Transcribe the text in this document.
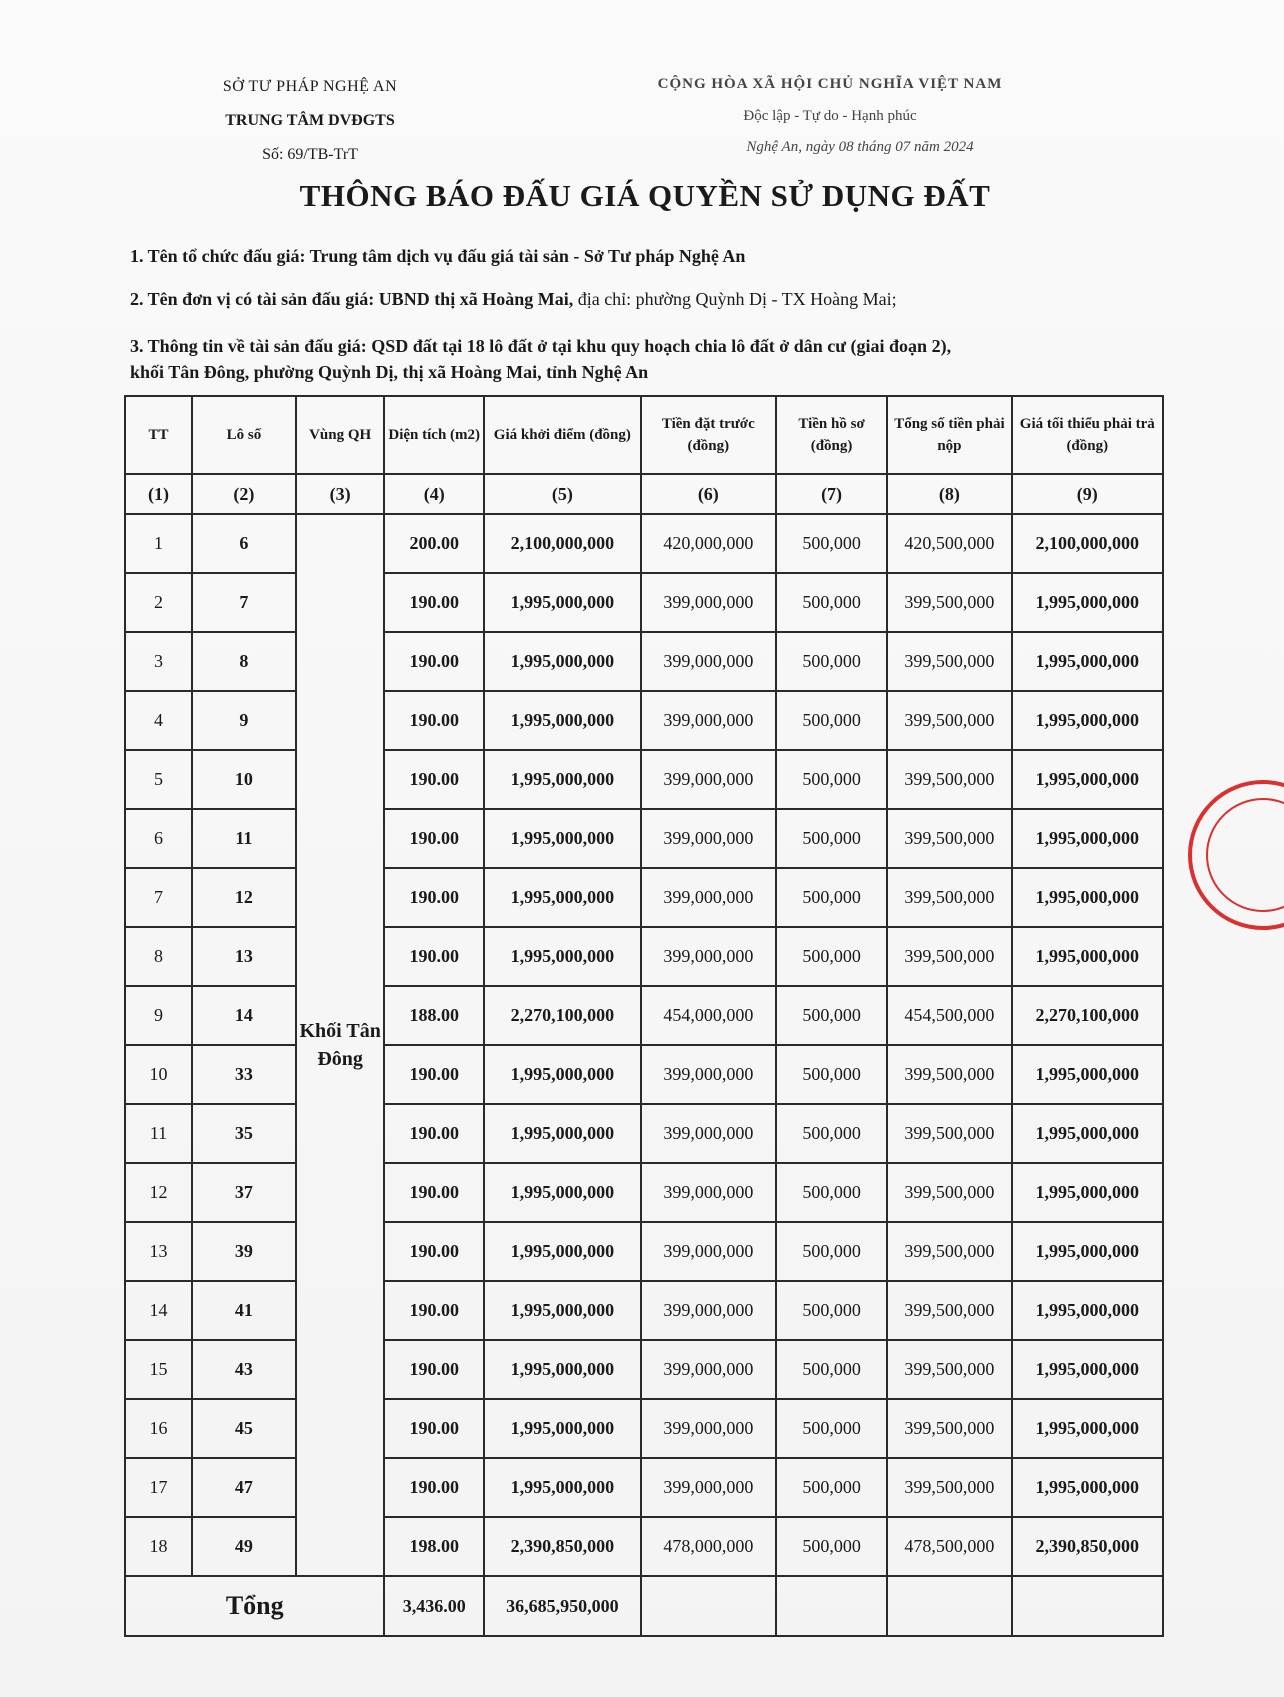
SỞ TƯ PHÁP NGHỆ AN
TRUNG TÂM DVĐGTS
Số: 69/TB-TrT
CỘNG HÒA XÃ HỘI CHỦ NGHĨA VIỆT NAM
Độc lập - Tự do - Hạnh phúc
Nghệ An, ngày 08 tháng 07 năm 2024
THÔNG BÁO ĐẤU GIÁ QUYỀN SỬ DỤNG ĐẤT
1. Tên tổ chức đấu giá: Trung tâm dịch vụ đấu giá tài sản - Sở Tư pháp Nghệ An
2. Tên đơn vị có tài sản đấu giá: UBND thị xã Hoàng Mai, địa chỉ: phường Quỳnh Dị - TX Hoàng Mai;
3. Thông tin về tài sản đấu giá: QSD đất tại 18 lô đất ở tại khu quy hoạch chia lô đất ở dân cư (giai đoạn 2),
khối Tân Đông, phường Quỳnh Dị, thị xã Hoàng Mai, tỉnh Nghệ An
TT	Lô số	Vùng QH	Diện tích (m2)	Giá khởi điểm (đồng)	Tiền đặt trước (đồng)	Tiền hồ sơ (đồng)	Tổng số tiền phải nộp	Giá tối thiểu phải trả (đồng)
(1)	(2)	(3)	(4)	(5)	(6)	(7)	(8)	(9)
1	6	Khối Tân Đông	200.00	2,100,000,000	420,000,000	500,000	420,500,000	2,100,000,000
2	7		190.00	1,995,000,000	399,000,000	500,000	399,500,000	1,995,000,000
3	8		190.00	1,995,000,000	399,000,000	500,000	399,500,000	1,995,000,000
4	9		190.00	1,995,000,000	399,000,000	500,000	399,500,000	1,995,000,000
5	10		190.00	1,995,000,000	399,000,000	500,000	399,500,000	1,995,000,000
6	11		190.00	1,995,000,000	399,000,000	500,000	399,500,000	1,995,000,000
7	12		190.00	1,995,000,000	399,000,000	500,000	399,500,000	1,995,000,000
8	13		190.00	1,995,000,000	399,000,000	500,000	399,500,000	1,995,000,000
9	14		188.00	2,270,100,000	454,000,000	500,000	454,500,000	2,270,100,000
10	33		190.00	1,995,000,000	399,000,000	500,000	399,500,000	1,995,000,000
11	35		190.00	1,995,000,000	399,000,000	500,000	399,500,000	1,995,000,000
12	37		190.00	1,995,000,000	399,000,000	500,000	399,500,000	1,995,000,000
13	39		190.00	1,995,000,000	399,000,000	500,000	399,500,000	1,995,000,000
14	41		190.00	1,995,000,000	399,000,000	500,000	399,500,000	1,995,000,000
15	43		190.00	1,995,000,000	399,000,000	500,000	399,500,000	1,995,000,000
16	45		190.00	1,995,000,000	399,000,000	500,000	399,500,000	1,995,000,000
17	47		190.00	1,995,000,000	399,000,000	500,000	399,500,000	1,995,000,000
18	49		198.00	2,390,850,000	478,000,000	500,000	478,500,000	2,390,850,000
Tổng			3,436.00	36,685,950,000				
